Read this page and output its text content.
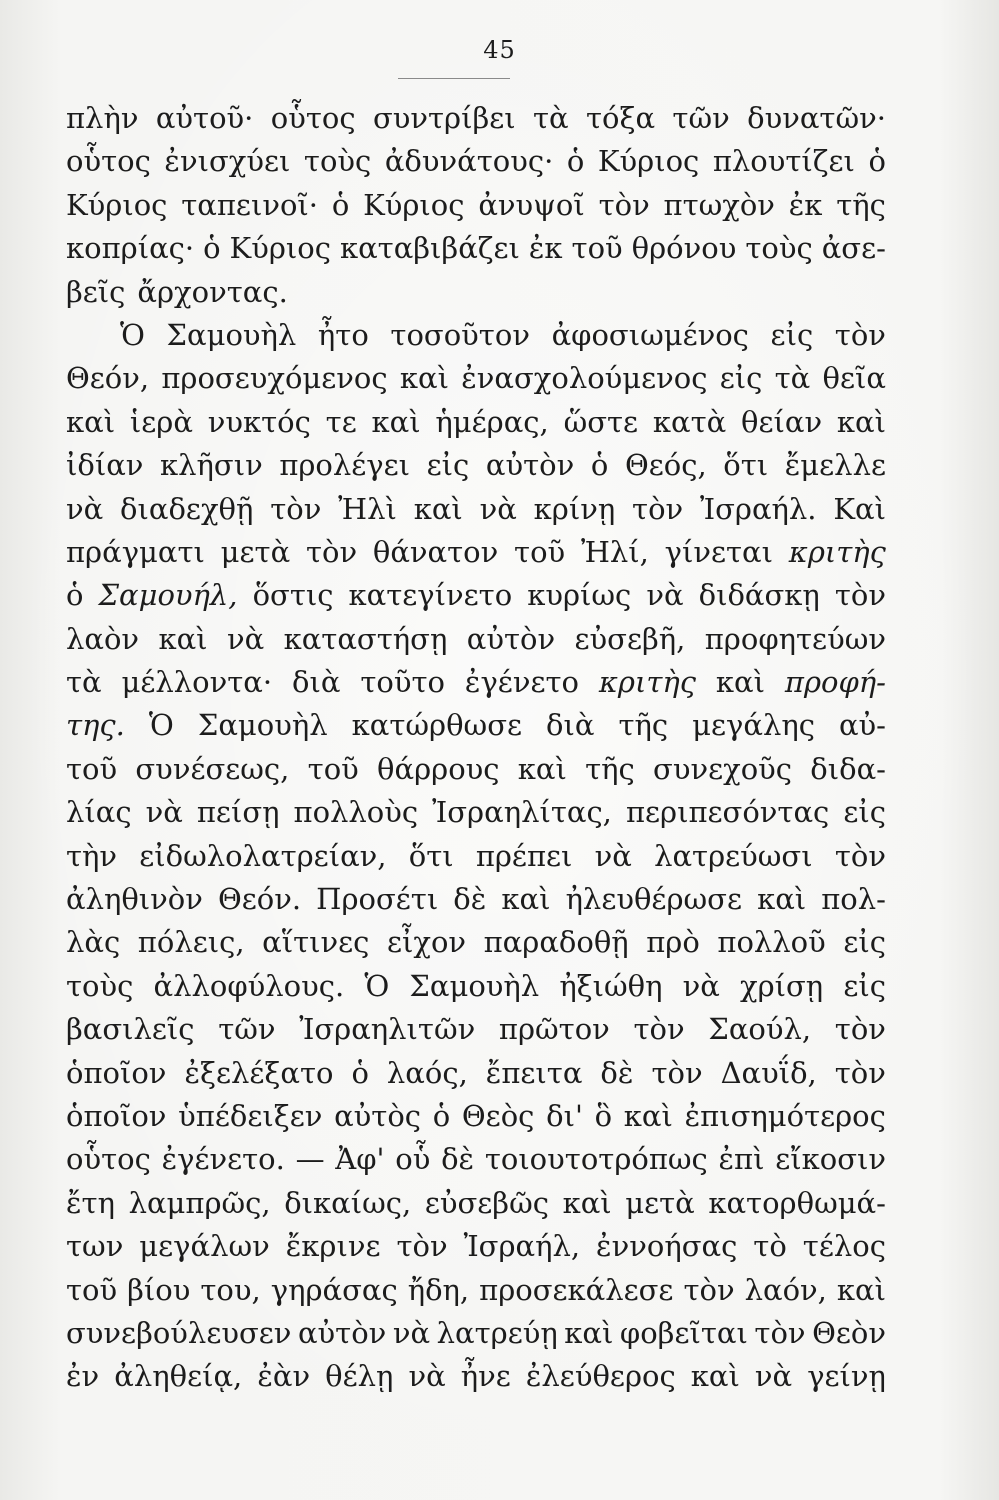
45
πλὴν αὐτοῦ· οὗτος συντρίβει τὰ τόξα τῶν δυνατῶν·
οὗτος ἐνισχύει τοὺς ἀδυνάτους· ὁ Κύριος πλουτίζει ὁ
Κύριος ταπεινοῖ· ὁ Κύριος ἀνυψοῖ τὸν πτωχὸν ἐκ τῆς
κοπρίας· ὁ Κύριος καταβιβάζει ἐκ τοῦ θρόνου τοὺς ἀσε-
βεῖς ἄρχοντας.
Ὁ Σαμουὴλ ἦτο τοσοῦτον ἀφοσιωμένος εἰς τὸν
Θεόν, προσευχόμενος καὶ ἐνασχολούμενος εἰς τὰ θεῖα
καὶ ἱερὰ νυκτός τε καὶ ἡμέρας, ὥστε κατὰ θείαν καὶ
ἰδίαν κλῆσιν προλέγει εἰς αὐτὸν ὁ Θεός, ὅτι ἔμελλε
νὰ διαδεχθῇ τὸν Ἠλὶ καὶ νὰ κρίνῃ τὸν Ἰσραήλ. Καὶ
πράγματι μετὰ τὸν θάνατον τοῦ Ἠλί, γίνεται κριτὴς
ὁ Σαμουήλ, ὅστις κατεγίνετο κυρίως νὰ διδάσκῃ τὸν
λαὸν καὶ νὰ καταστήσῃ αὐτὸν εὐσεβῆ, προφητεύων
τὰ μέλλοντα· διὰ τοῦτο ἐγένετο κριτὴς καὶ προφή-
της. Ὁ Σαμουὴλ κατώρθωσε διὰ τῆς μεγάλης αὐ-
τοῦ συνέσεως, τοῦ θάρρους καὶ τῆς συνεχοῦς διδα-
λίας νὰ πείσῃ πολλοὺς Ἰσραηλίτας, περιπεσόντας εἰς
τὴν εἰδωλολατρείαν, ὅτι πρέπει νὰ λατρεύωσι τὸν
ἀληθινὸν Θεόν. Προσέτι δὲ καὶ ἠλευθέρωσε καὶ πολ-
λὰς πόλεις, αἵτινες εἶχον παραδοθῇ πρὸ πολλοῦ εἰς
τοὺς ἀλλοφύλους. Ὁ Σαμουὴλ ἠξιώθη νὰ χρίσῃ εἰς
βασιλεῖς τῶν Ἰσραηλιτῶν πρῶτον τὸν Σαούλ, τὸν
ὁποῖον ἐξελέξατο ὁ λαός, ἔπειτα δὲ τὸν Δαυΐδ, τὸν
ὁποῖον ὑπέδειξεν αὐτὸς ὁ Θεὸς δι' ὃ καὶ ἐπισημότερος
οὗτος ἐγένετο. — Ἀφ' οὗ δὲ τοιουτοτρόπως ἐπὶ εἴκοσιν
ἔτη λαμπρῶς, δικαίως, εὐσεβῶς καὶ μετὰ κατορθωμά-
των μεγάλων ἔκρινε τὸν Ἰσραήλ, ἐννοήσας τὸ τέλος
τοῦ βίου του, γηράσας ἤδη, προσεκάλεσε τὸν λαόν, καὶ
συνεβούλευσεν αὐτὸν νὰ λατρεύῃ καὶ φοβεῖται τὸν Θεὸν
ἐν ἀληθείᾳ, ἐὰν θέλῃ νὰ ἦνε ἐλεύθερος καὶ νὰ γείνῃ
